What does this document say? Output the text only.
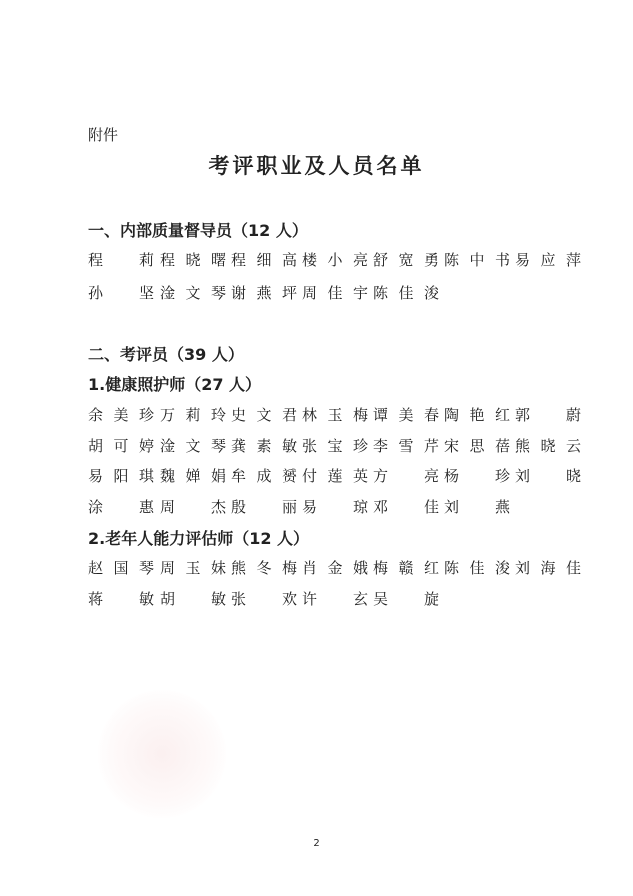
附件
考评职业及人员名单
一、内部质量督导员（12 人）
程 莉 程晓曙 程细高 楼小亮 舒宽勇 陈中书 易应萍
孙 坚 淦文琴 谢燕坪 周佳宇 陈佳浚
二、考评员（39 人）
1.健康照护师（27 人）
余美珍 万莉玲 史文君 林玉梅 谭美春 陶艳红 郭 蔚
胡可婷 淦文琴 龚素敏 张宝珍 李雪芹 宋思蓓 熊晓云
易阳琪 魏婵娟 牟成赟 付莲英 方 亮 杨 珍 刘 晓
涂 惠 周 杰 殷 丽 易 琼 邓 佳 刘 燕
2.老年人能力评估师（12 人）
赵国琴 周玉妹 熊冬梅 肖金娥 梅赣红 陈佳浚 刘海佳
蒋 敏 胡 敏 张 欢 许 玄 吴 旋
2
